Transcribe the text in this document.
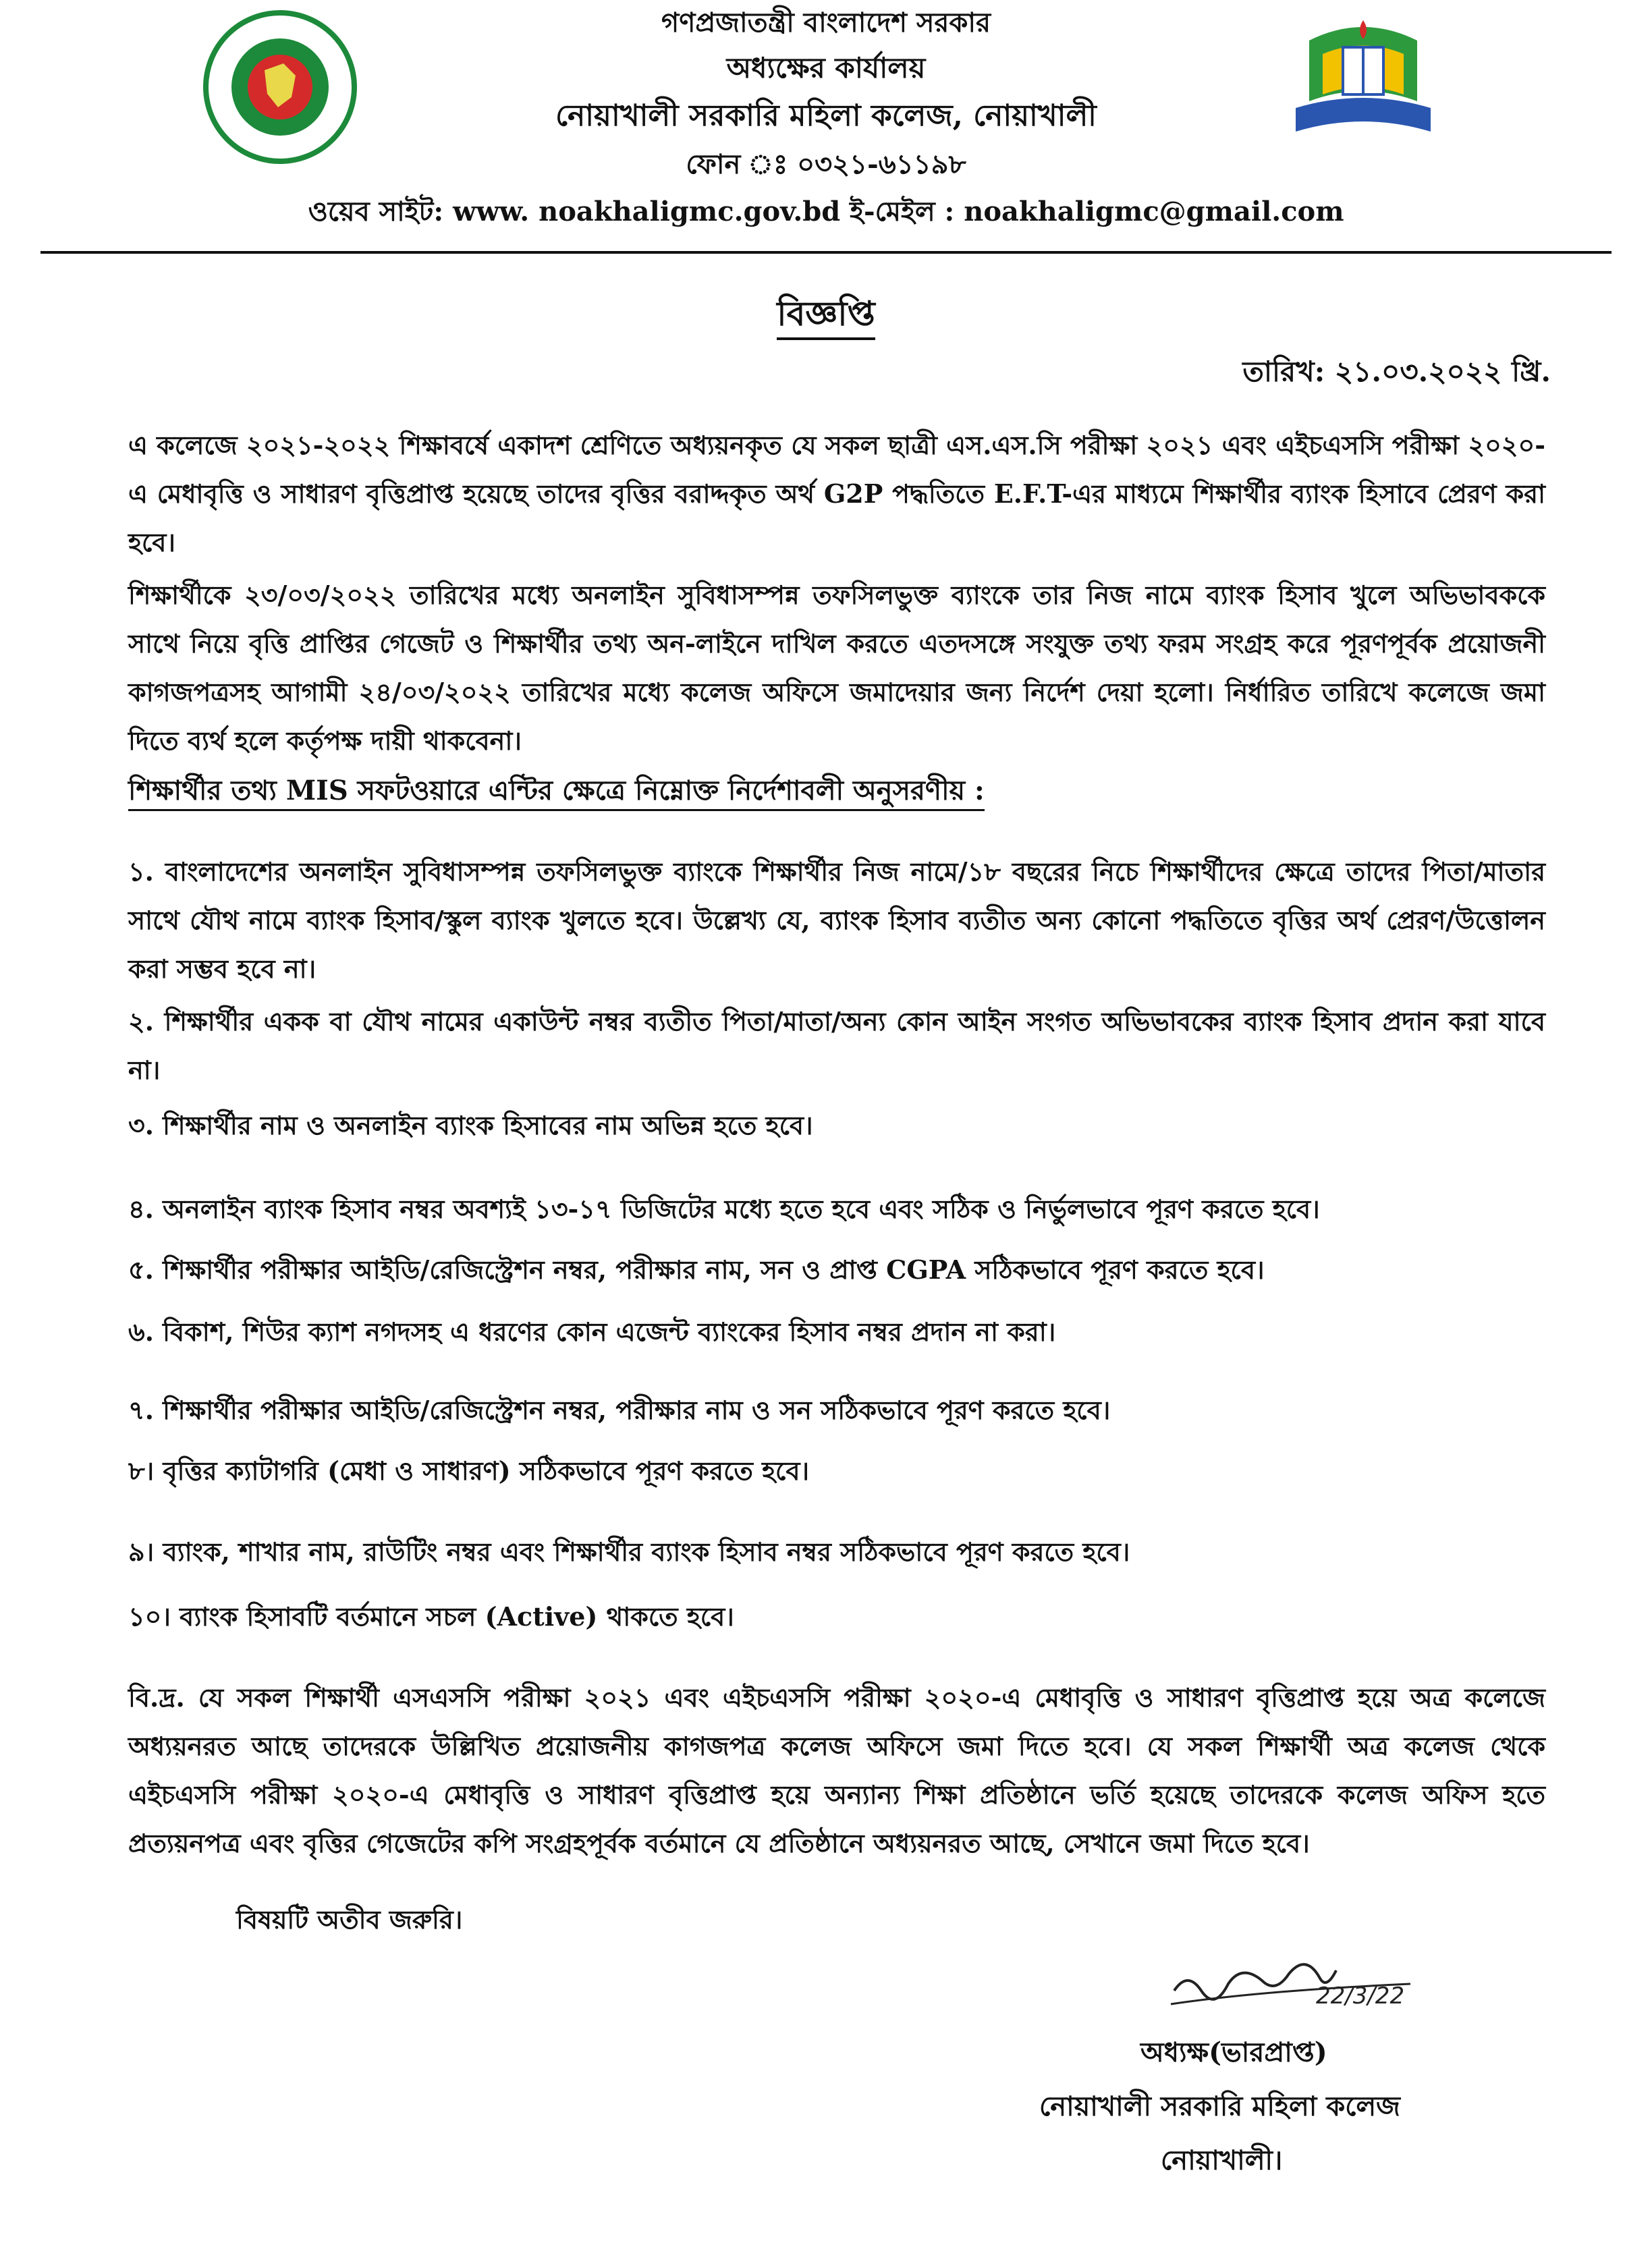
গণপ্রজাতন্ত্রী বাংলাদেশ সরকার
অধ্যক্ষের কার্যালয়
নোয়াখালী সরকারি মহিলা কলেজ, নোয়াখালী
ফোন ঃ ০৩২১-৬১১৯৮
ওয়েব সাইট: www. noakhaligmc.gov.bd ই-মেইল : noakhaligmc@gmail.com
বিজ্ঞপ্তি
তারিখ: ২১.০৩.২০২২ খ্রি.
এ কলেজে ২০২১-২০২২ শিক্ষাবর্ষে একাদশ শ্রেণিতে অধ্যয়নকৃত যে সকল ছাত্রী এস.এস.সি পরীক্ষা ২০২১ এবং এইচএসসি পরীক্ষা ২০২০-এ মেধাবৃত্তি ও সাধারণ বৃত্তিপ্রাপ্ত হয়েছে তাদের বৃত্তির বরাদ্দকৃত অর্থ G2P পদ্ধতিতে E.F.T-এর মাধ্যমে শিক্ষার্থীর ব্যাংক হিসাবে প্রেরণ করা হবে।
শিক্ষার্থীকে ২৩/০৩/২০২২ তারিখের মধ্যে অনলাইন সুবিধাসম্পন্ন তফসিলভুক্ত ব্যাংকে তার নিজ নামে ব্যাংক হিসাব খুলে অভিভাবককে সাথে নিয়ে বৃত্তি প্রাপ্তির গেজেট ও শিক্ষার্থীর তথ্য অন-লাইনে দাখিল করতে এতদসঙ্গে সংযুক্ত তথ্য ফরম সংগ্রহ করে পূরণপূর্বক প্রয়োজনী কাগজপত্রসহ আগামী ২৪/০৩/২০২২ তারিখের মধ্যে কলেজ অফিসে জমাদেয়ার জন্য নির্দেশ দেয়া হলো। নির্ধারিত তারিখে কলেজে জমা দিতে ব্যর্থ হলে কর্তৃপক্ষ দায়ী থাকবেনা।
শিক্ষার্থীর তথ্য MIS সফটওয়ারে এন্টির ক্ষেত্রে নিম্নোক্ত নির্দেশাবলী অনুসরণীয় :
১. বাংলাদেশের অনলাইন সুবিধাসম্পন্ন তফসিলভুক্ত ব্যাংকে শিক্ষার্থীর নিজ নামে/১৮ বছরের নিচে শিক্ষার্থীদের ক্ষেত্রে তাদের পিতা/মাতার সাথে যৌথ নামে ব্যাংক হিসাব/স্কুল ব্যাংক খুলতে হবে। উল্লেখ্য যে, ব্যাংক হিসাব ব্যতীত অন্য কোনো পদ্ধতিতে বৃত্তির অর্থ প্রেরণ/উত্তোলন করা সম্ভব হবে না।
২. শিক্ষার্থীর একক বা যৌথ নামের একাউন্ট নম্বর ব্যতীত পিতা/মাতা/অন্য কোন আইন সংগত অভিভাবকের ব্যাংক হিসাব প্রদান করা যাবে না।
৩. শিক্ষার্থীর নাম ও অনলাইন ব্যাংক হিসাবের নাম অভিন্ন হতে হবে।
৪. অনলাইন ব্যাংক হিসাব নম্বর অবশ্যই ১৩-১৭ ডিজিটের মধ্যে হতে হবে এবং সঠিক ও নির্ভুলভাবে পূরণ করতে হবে।
৫. শিক্ষার্থীর পরীক্ষার আইডি/রেজিস্ট্রেশন নম্বর, পরীক্ষার নাম, সন ও প্রাপ্ত CGPA সঠিকভাবে পূরণ করতে হবে।
৬. বিকাশ, শিউর ক্যাশ নগদসহ এ ধরণের কোন এজেন্ট ব্যাংকের হিসাব নম্বর প্রদান না করা।
৭. শিক্ষার্থীর পরীক্ষার আইডি/রেজিস্ট্রেশন নম্বর, পরীক্ষার নাম ও সন সঠিকভাবে পূরণ করতে হবে।
৮। বৃত্তির ক্যাটাগরি (মেধা ও সাধারণ) সঠিকভাবে পূরণ করতে হবে।
৯। ব্যাংক, শাখার নাম, রাউটিং নম্বর এবং শিক্ষার্থীর ব্যাংক হিসাব নম্বর সঠিকভাবে পূরণ করতে হবে।
১০। ব্যাংক হিসাবটি বর্তমানে সচল (Active) থাকতে হবে।
বি.দ্র. যে সকল শিক্ষার্থী এসএসসি পরীক্ষা ২০২১ এবং এইচএসসি পরীক্ষা ২০২০-এ মেধাবৃত্তি ও সাধারণ বৃত্তিপ্রাপ্ত হয়ে অত্র কলেজে অধ্যয়নরত আছে তাদেরকে উল্লিখিত প্রয়োজনীয় কাগজপত্র কলেজ অফিসে জমা দিতে হবে। যে সকল শিক্ষার্থী অত্র কলেজ থেকে এইচএসসি পরীক্ষা ২০২০-এ মেধাবৃত্তি ও সাধারণ বৃত্তিপ্রাপ্ত হয়ে অন্যান্য শিক্ষা প্রতিষ্ঠানে ভর্তি হয়েছে তাদেরকে কলেজ অফিস হতে প্রত্যয়নপত্র এবং বৃত্তির গেজেটের কপি সংগ্রহপূর্বক বর্তমানে যে প্রতিষ্ঠানে অধ্যয়নরত আছে, সেখানে জমা দিতে হবে।
বিষয়টি অতীব জরুরি।
22/3/22
অধ্যক্ষ(ভারপ্রাপ্ত)
নোয়াখালী সরকারি মহিলা কলেজ
নোয়াখালী।
